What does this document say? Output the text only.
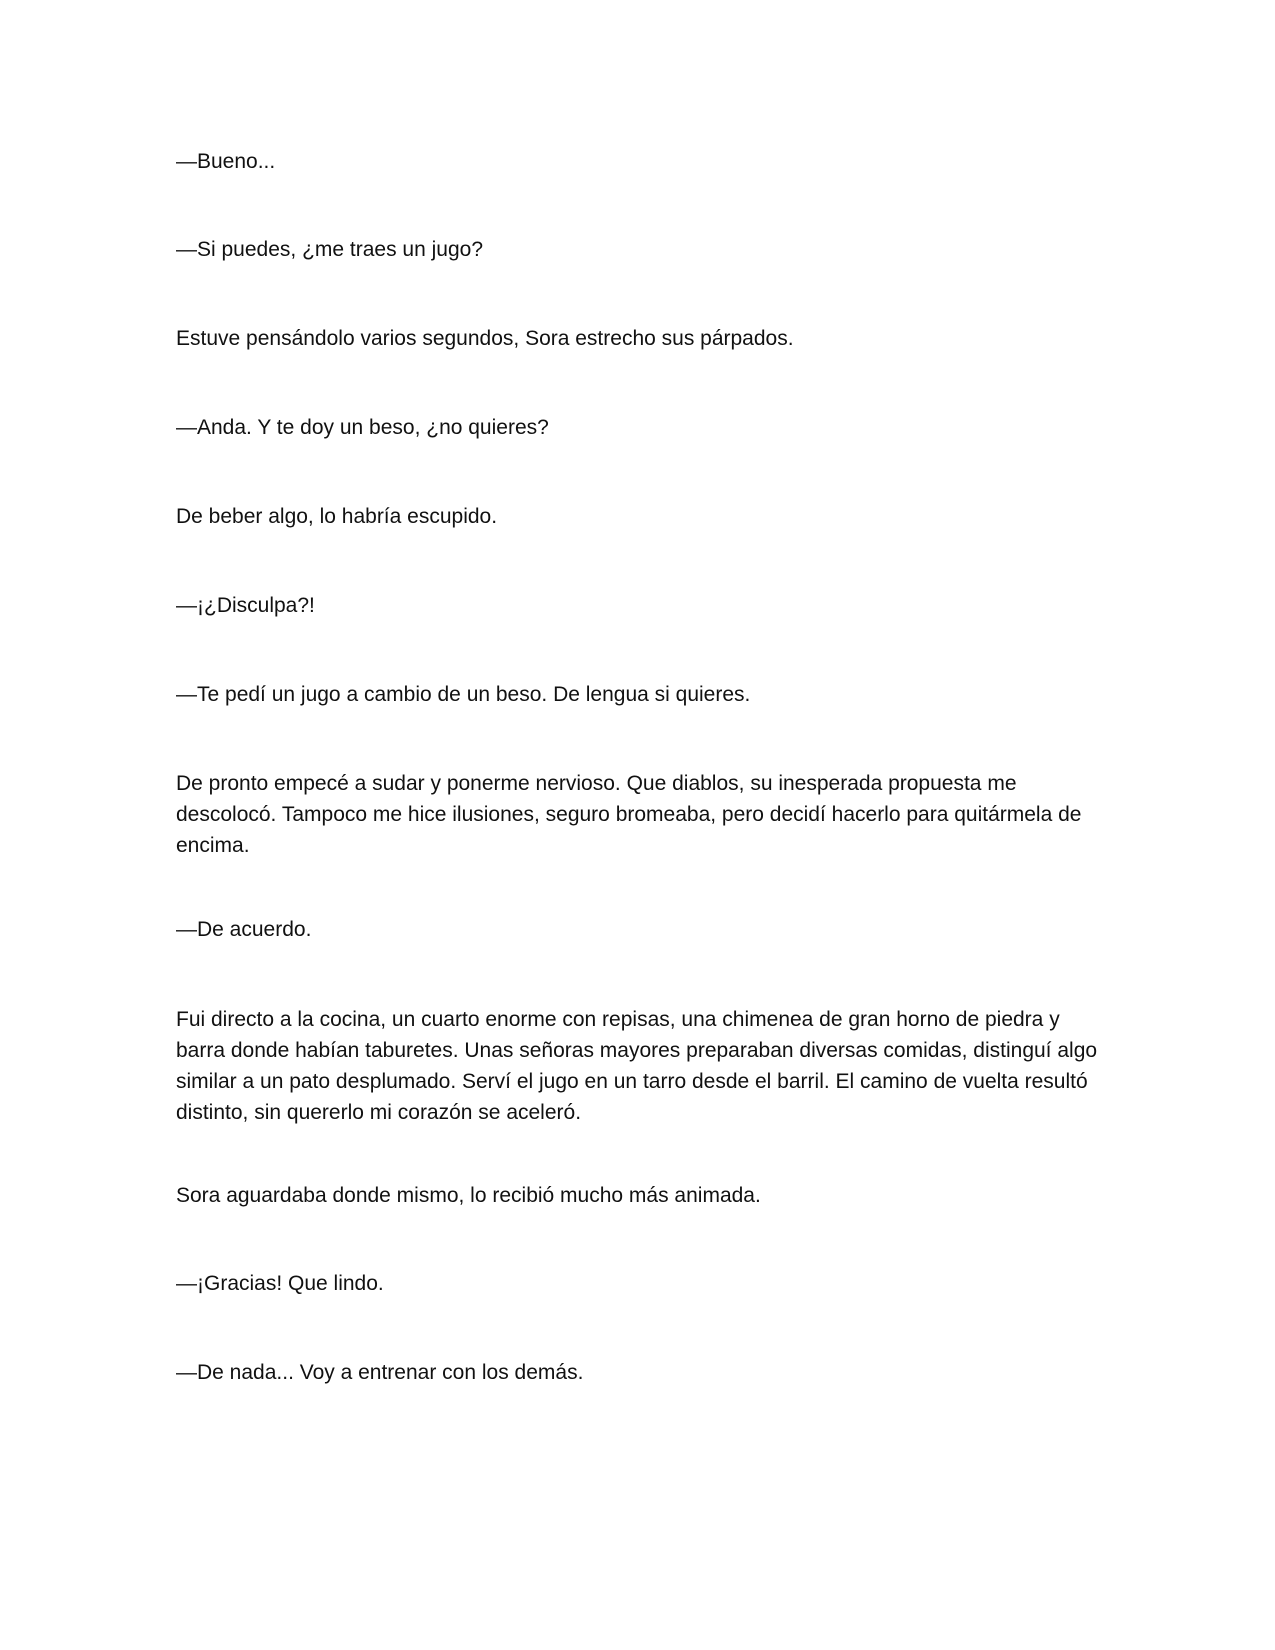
—Bueno...

—Si puedes, ¿me traes un jugo?

Estuve pensándolo varios segundos, Sora estrecho sus párpados.

—Anda. Y te doy un beso, ¿no quieres?

De beber algo, lo habría escupido.

—¡¿Disculpa?!

—Te pedí un jugo a cambio de un beso. De lengua si quieres.

De pronto empecé a sudar y ponerme nervioso. Que diablos, su inesperada propuesta me
descolocó. Tampoco me hice ilusiones, seguro bromeaba, pero decidí hacerlo para quitármela de
encima.

—De acuerdo.

Fui directo a la cocina, un cuarto enorme con repisas, una chimenea de gran horno de piedra y
barra donde habían taburetes. Unas señoras mayores preparaban diversas comidas, distinguí algo
similar a un pato desplumado. Serví el jugo en un tarro desde el barril. El camino de vuelta resultó
distinto, sin quererlo mi corazón se aceleró.

Sora aguardaba donde mismo, lo recibió mucho más animada.

—¡Gracias! Que lindo.

—De nada... Voy a entrenar con los demás.
